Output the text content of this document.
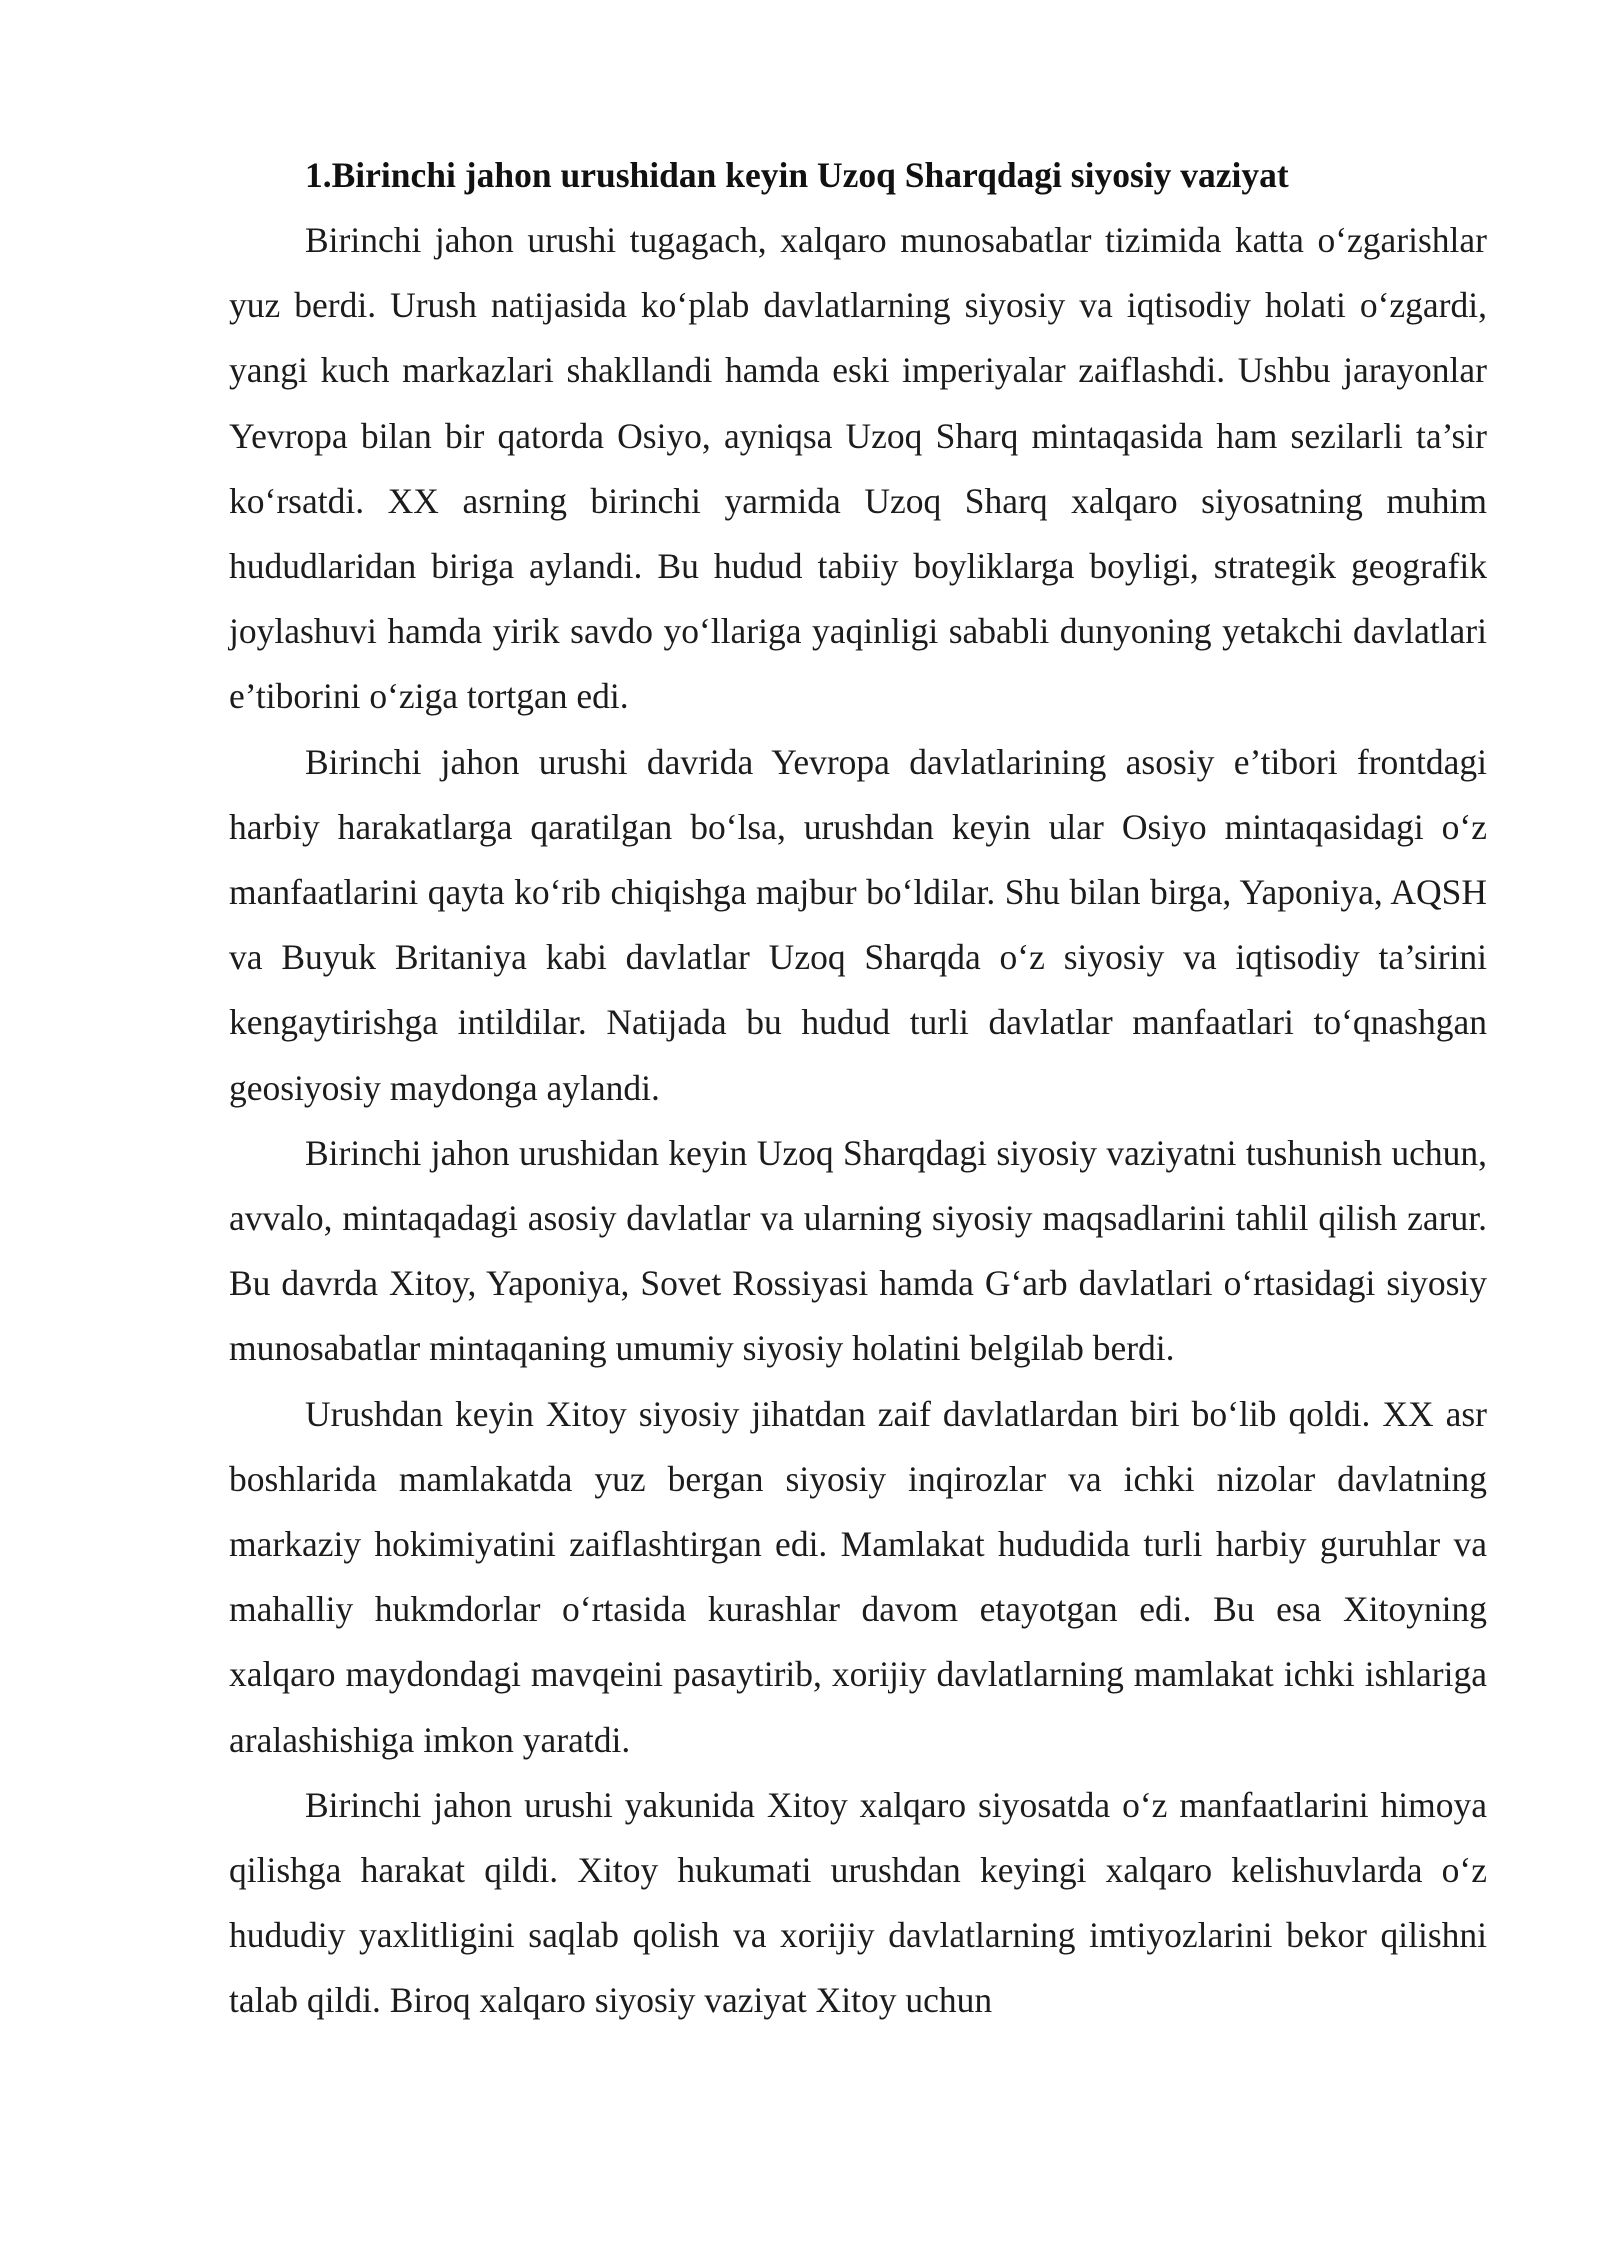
1.Birinchi jahon urushidan keyin Uzoq Sharqdagi siyosiy vaziyat

Birinchi jahon urushi tugagach, xalqaro munosabatlar tizimida katta o‘zgarishlar yuz berdi. Urush natijasida ko‘plab davlatlarning siyosiy va iqtisodiy holati o‘zgardi, yangi kuch markazlari shakllandi hamda eski imperiyalar zaiflashdi. Ushbu jarayonlar Yevropa bilan bir qatorda Osiyo, ayniqsa Uzoq Sharq mintaqasida ham sezilarli ta’sir ko‘rsatdi. XX asrning birinchi yarmida Uzoq Sharq xalqaro siyosatning muhim hududlaridan biriga aylandi. Bu hudud tabiiy boyliklarga boyligi, strategik geografik joylashuvi hamda yirik savdo yo‘llariga yaqinligi sababli dunyoning yetakchi davlatlari e’tiborini o‘ziga tortgan edi.

Birinchi jahon urushi davrida Yevropa davlatlarining asosiy e’tibori frontdagi harbiy harakatlarga qaratilgan bo‘lsa, urushdan keyin ular Osiyo mintaqasidagi o‘z manfaatlarini qayta ko‘rib chiqishga majbur bo‘ldilar. Shu bilan birga, Yaponiya, AQSH va Buyuk Britaniya kabi davlatlar Uzoq Sharqda o‘z siyosiy va iqtisodiy ta’sirini kengaytirishga intildilar. Natijada bu hudud turli davlatlar manfaatlari to‘qnashgan geosiyosiy maydonga aylandi.

Birinchi jahon urushidan keyin Uzoq Sharqdagi siyosiy vaziyatni tushunish uchun, avvalo, mintaqadagi asosiy davlatlar va ularning siyosiy maqsadlarini tahlil qilish zarur. Bu davrda Xitoy, Yaponiya, Sovet Rossiyasi hamda G‘arb davlatlari o‘rtasidagi siyosiy munosabatlar mintaqaning umumiy siyosiy holatini belgilab berdi.

Urushdan keyin Xitoy siyosiy jihatdan zaif davlatlardan biri bo‘lib qoldi. XX asr boshlarida mamlakatda yuz bergan siyosiy inqirozlar va ichki nizolar davlatning markaziy hokimiyatini zaiflashtirgan edi. Mamlakat hududida turli harbiy guruhlar va mahalliy hukmdorlar o‘rtasida kurashlar davom etayotgan edi. Bu esa Xitoyning xalqaro maydondagi mavqeini pasaytirib, xorijiy davlatlarning mamlakat ichki ishlariga aralashishiga imkon yaratdi.

Birinchi jahon urushi yakunida Xitoy xalqaro siyosatda o‘z manfaatlarini himoya qilishga harakat qildi. Xitoy hukumati urushdan keyingi xalqaro kelishuvlarda o‘z hududiy yaxlitligini saqlab qolish va xorijiy davlatlarning imtiyozlarini bekor qilishni talab qildi. Biroq xalqaro siyosiy vaziyat Xitoy uchun
